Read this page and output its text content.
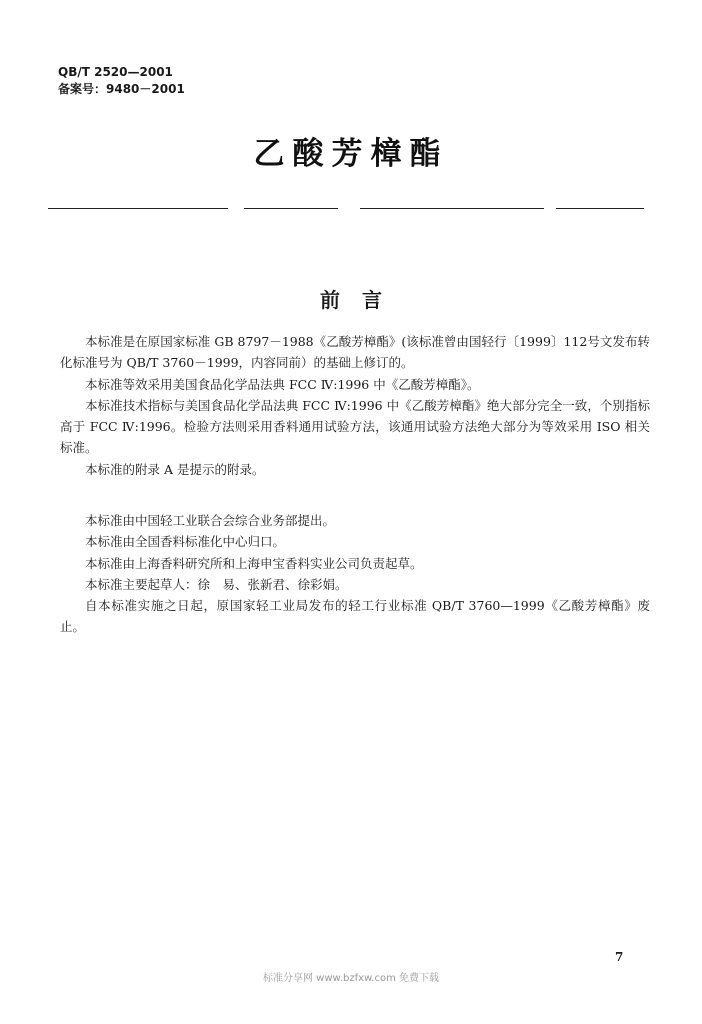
QB/T 2520—2001
备案号：9480－2001
乙酸芳樟酯
前言

本标准是在原国家标准 GB 8797－1988《乙酸芳樟酯》(该标准曾由国轻行〔1999〕112号文发布转化标准号为 QB/T 3760－1999，内容同前）的基础上修订的。

本标准等效采用美国食品化学品法典 FCC Ⅳ:1996 中《乙酸芳樟酯》。

本标准技术指标与美国食品化学品法典 FCC Ⅳ:1996 中《乙酸芳樟酯》绝大部分完全一致，个别指标高于 FCC Ⅳ:1996。检验方法则采用香料通用试验方法，该通用试验方法绝大部分为等效采用 ISO 相关标准。

本标准的附录 A 是提示的附录。

本标准由中国轻工业联合会综合业务部提出。

本标准由全国香料标准化中心归口。

本标准由上海香料研究所和上海申宝香料实业公司负责起草。

本标准主要起草人：徐　易、张新君、徐彩娟。

自本标准实施之日起，原国家轻工业局发布的轻工行业标准 QB/T 3760—1999《乙酸芳樟酯》废止。

7
标准分享网 www.bzfxw.com 免费下载
